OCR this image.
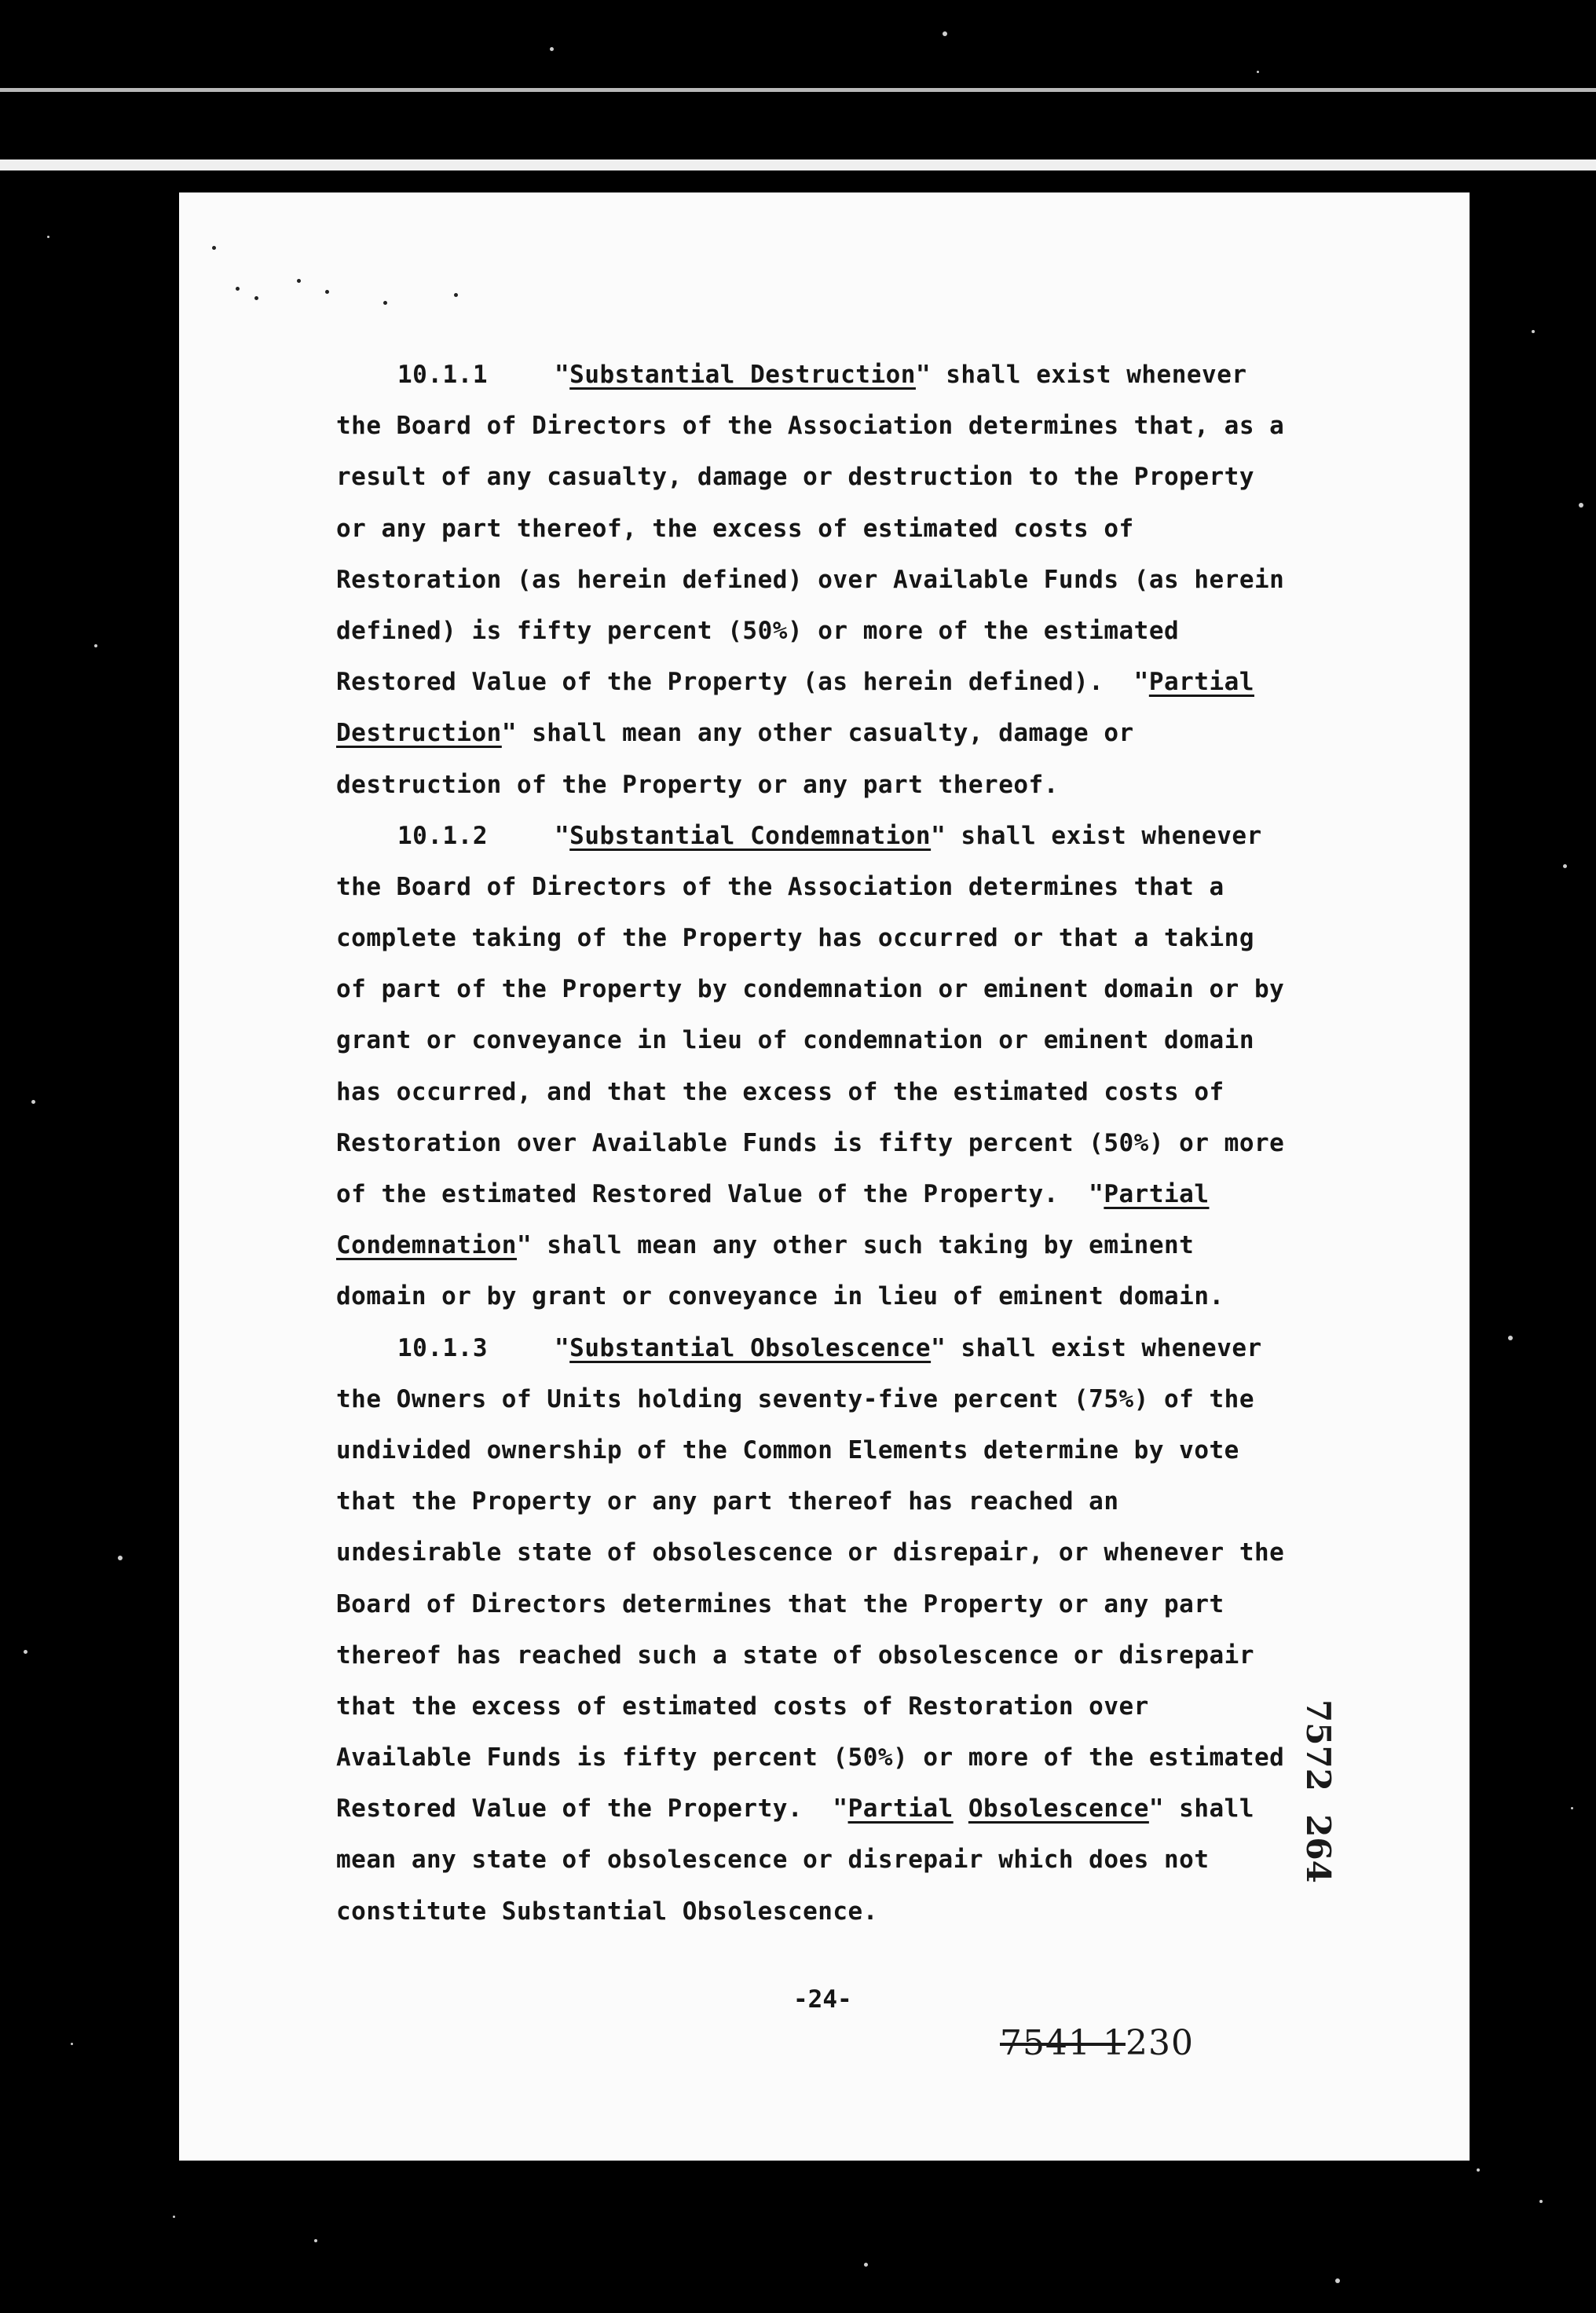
10.1.1	"Substantial Destruction" shall exist whenever
the Board of Directors of the Association determines that, as a
result of any casualty, damage or destruction to the Property
or any part thereof, the excess of estimated costs of
Restoration (as herein defined) over Available Funds (as herein
defined) is fifty percent (50%) or more of the estimated
Restored Value of the Property (as herein defined).  "Partial
Destruction" shall mean any other casualty, damage or
destruction of the Property or any part thereof.
10.1.2	"Substantial Condemnation" shall exist whenever
the Board of Directors of the Association determines that a
complete taking of the Property has occurred or that a taking
of part of the Property by condemnation or eminent domain or by
grant or conveyance in lieu of condemnation or eminent domain
has occurred, and that the excess of the estimated costs of
Restoration over Available Funds is fifty percent (50%) or more
of the estimated Restored Value of the Property.  "Partial
Condemnation" shall mean any other such taking by eminent
domain or by grant or conveyance in lieu of eminent domain.
10.1.3	"Substantial Obsolescence" shall exist whenever
the Owners of Units holding seventy-five percent (75%) of the
undivided ownership of the Common Elements determine by vote
that the Property or any part thereof has reached an
undesirable state of obsolescence or disrepair, or whenever the
Board of Directors determines that the Property or any part
thereof has reached such a state of obsolescence or disrepair
that the excess of estimated costs of Restoration over
Available Funds is fifty percent (50%) or more of the estimated
Restored Value of the Property.  "Partial Obsolescence" shall
mean any state of obsolescence or disrepair which does not
constitute Substantial Obsolescence.
-24-
7541 1230
7572  264
